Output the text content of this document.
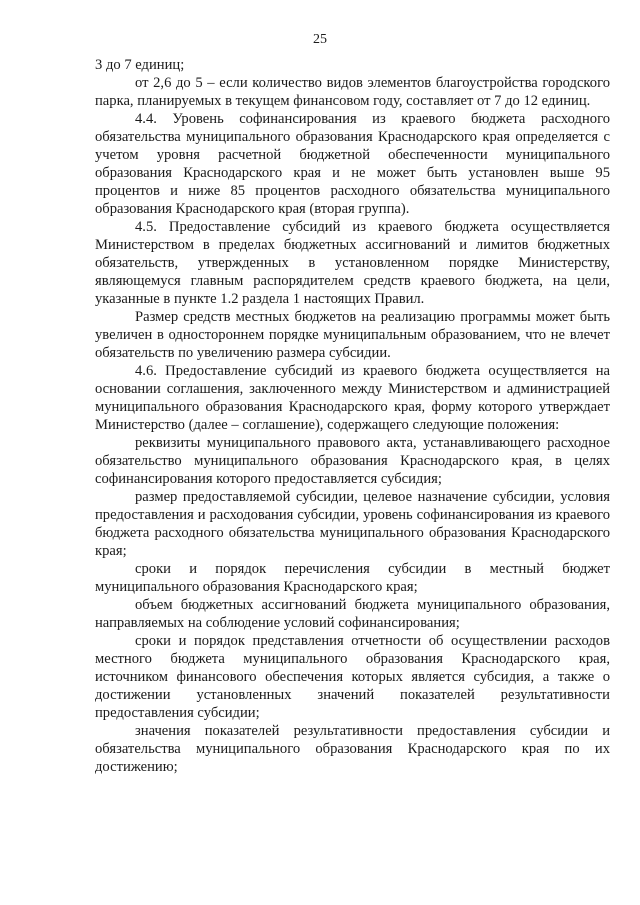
25

3 до 7 единиц;

от 2,6 до 5 – если количество видов элементов благоустройства городского парка, планируемых в текущем финансовом году, составляет от 7 до 12 единиц.

4.4. Уровень софинансирования из краевого бюджета расходного обязательства муниципального образования Краснодарского края определяется с учетом уровня расчетной бюджетной обеспеченности муниципального образования Краснодарского края и не может быть установлен выше 95 процентов и ниже 85 процентов расходного обязательства муниципального образования Краснодарского края (вторая группа).

4.5. Предоставление субсидий из краевого бюджета осуществляется Министерством в пределах бюджетных ассигнований и лимитов бюджетных обязательств, утвержденных в установленном порядке Министерству, являющемуся главным распорядителем средств краевого бюджета, на цели, указанные в пункте 1.2 раздела 1 настоящих Правил.

Размер средств местных бюджетов на реализацию программы может быть увеличен в одностороннем порядке муниципальным образованием, что не влечет обязательств по увеличению размера субсидии.

4.6. Предоставление субсидий из краевого бюджета осуществляется на основании соглашения, заключенного между Министерством и администрацией муниципального образования Краснодарского края, форму которого утверждает Министерство (далее – соглашение), содержащего следующие положения:

реквизиты муниципального правового акта, устанавливающего расходное обязательство муниципального образования Краснодарского края, в целях софинансирования которого предоставляется субсидия;

размер предоставляемой субсидии, целевое назначение субсидии, условия предоставления и расходования субсидии, уровень софинансирования из краевого бюджета расходного обязательства муниципального образования Краснодарского края;

сроки и порядок перечисления субсидии в местный бюджет муниципального образования Краснодарского края;

объем бюджетных ассигнований бюджета муниципального образования, направляемых на соблюдение условий софинансирования;

сроки и порядок представления отчетности об осуществлении расходов местного бюджета муниципального образования Краснодарского края, источником финансового обеспечения которых является субсидия, а также о достижении установленных значений показателей результативности предоставления субсидии;

значения показателей результативности предоставления субсидии и обязательства муниципального образования Краснодарского края по их достижению;
